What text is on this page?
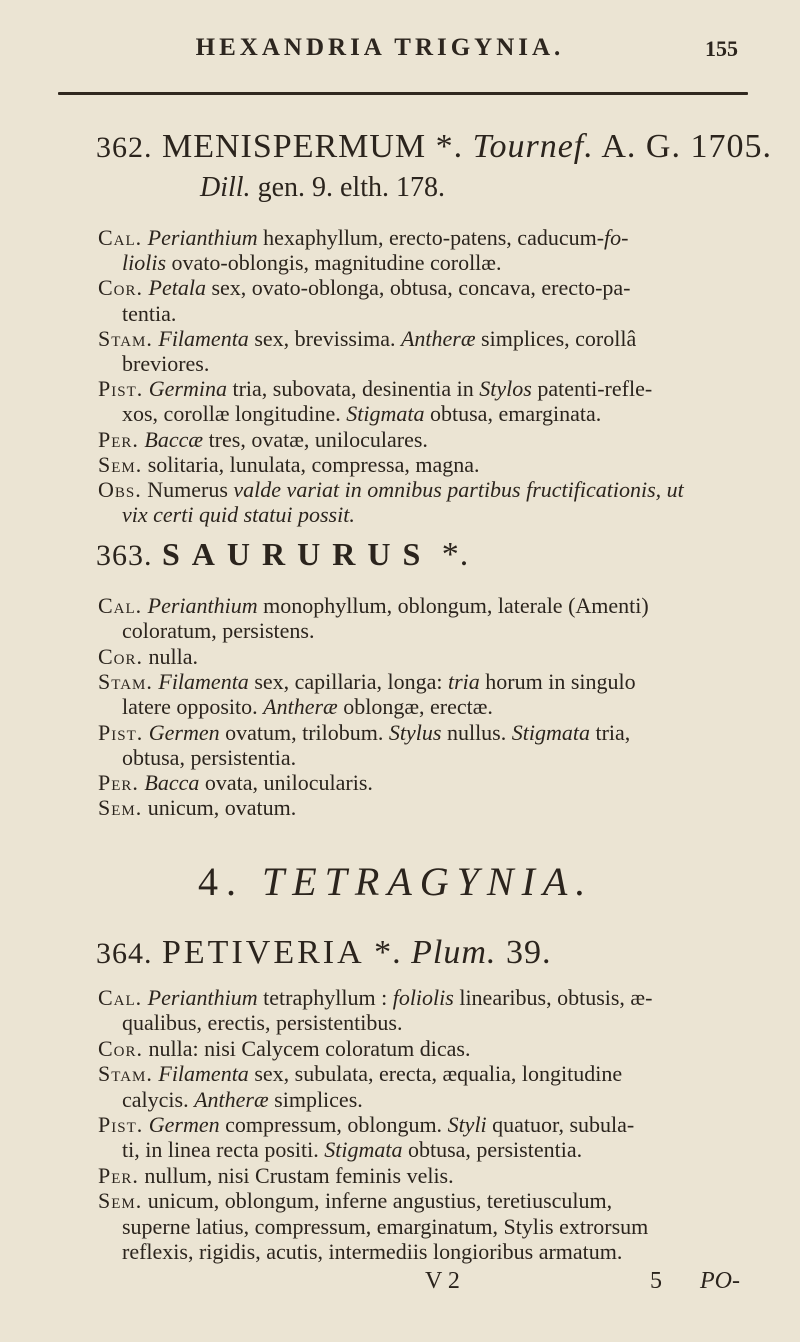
HEXANDRIA TRIGYNIA.	155
362. MENISPERMUM *. Tournef. A. G. 1705.
Dill. gen. 9. elth. 178.
Cal. Perianthium hexaphyllum, erecto-patens, caducum-fo-
liolis ovato-oblongis, magnitudine corollæ.
Cor. Petala sex, ovato-oblonga, obtusa, concava, erecto-pa-
tentia.
Stam. Filamenta sex, brevissima. Antheræ simplices, corollâ
breviores.
Pist. Germina tria, subovata, desinentia in Stylos patenti-refle-
xos, corollæ longitudine. Stigmata obtusa, emarginata.
Per. Baccæ tres, ovatæ, uniloculares.
Sem. solitaria, lunulata, compressa, magna.
Obs. Numerus valde variat in omnibus partibus fructificationis, ut
vix certi quid statui possit.
363. SAURURUS *.
Cal. Perianthium monophyllum, oblongum, laterale (Amenti)
coloratum, persistens.
Cor. nulla.
Stam. Filamenta sex, capillaria, longa: tria horum in singulo
latere opposito. Antheræ oblongæ, erectæ.
Pist. Germen ovatum, trilobum. Stylus nullus. Stigmata tria,
obtusa, persistentia.
Per. Bacca ovata, unilocularis.
Sem. unicum, ovatum.
4. TETRAGYNIA.
364. PETIVERIA *. Plum. 39.
Cal. Perianthium tetraphyllum : foliolis linearibus, obtusis, æ-
qualibus, erectis, persistentibus.
Cor. nulla: nisi Calycem coloratum dicas.
Stam. Filamenta sex, subulata, erecta, æqualia, longitudine
calycis. Antheræ simplices.
Pist. Germen compressum, oblongum. Styli quatuor, subula-
ti, in linea recta positi. Stigmata obtusa, persistentia.
Per. nullum, nisi Crustam feminis velis.
Sem. unicum, oblongum, inferne angustius, teretiusculum,
superne latius, compressum, emarginatum, Stylis extrorsum
reflexis, rigidis, acutis, intermediis longioribus armatum.
V 2	5 PO-
